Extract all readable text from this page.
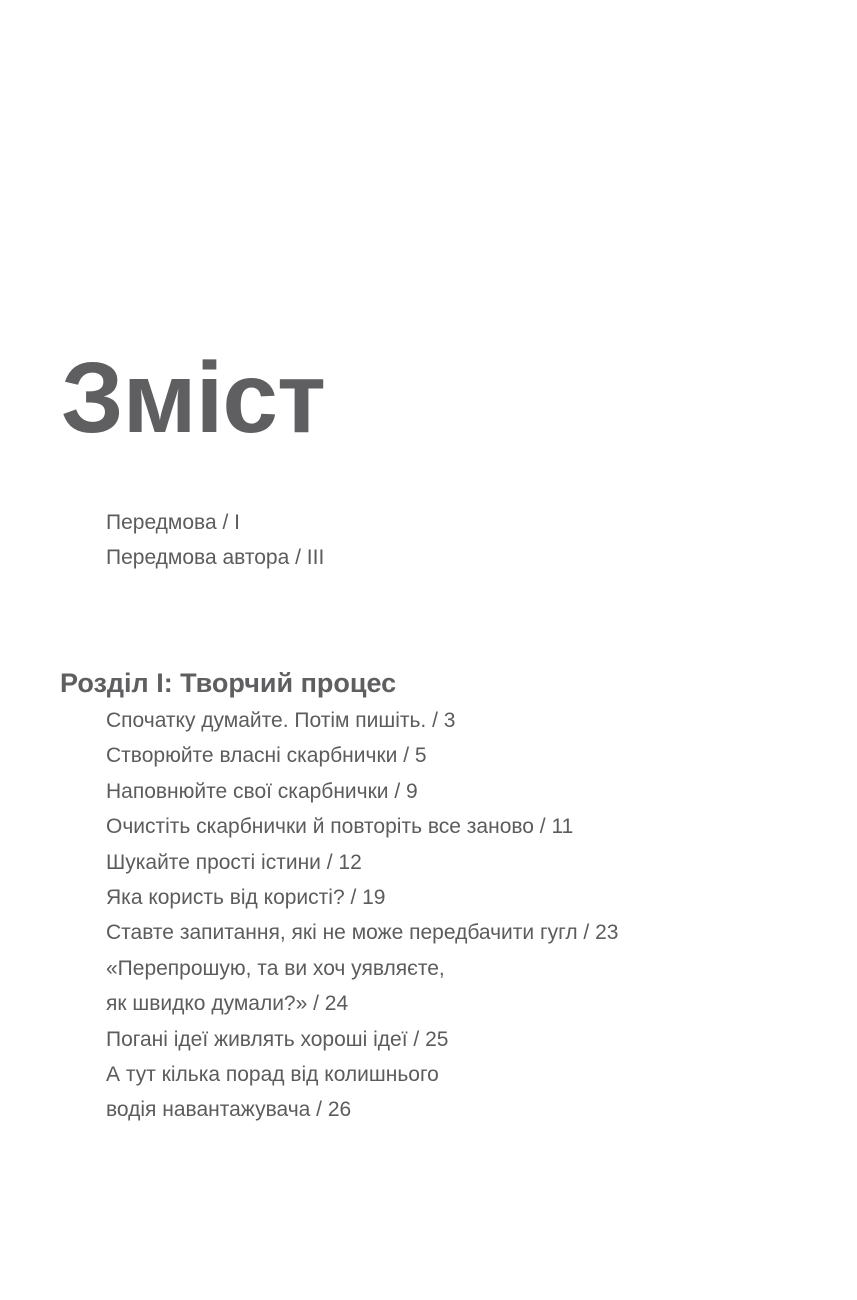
Зміст
Передмова / I
Передмова автора / III
Розділ I: Творчий процес
Спочатку думайте. Потім пишіть. / 3
Створюйте власні скарбнички / 5
Наповнюйте свої скарбнички / 9
Очистіть скарбнички й повторіть все заново / 11
Шукайте прості істини / 12
Яка користь від користі? / 19
Ставте запитання, які не може передбачити гугл / 23
«Перепрошую, та ви хоч уявляєте,
як швидко думали?» / 24
Погані ідеї живлять хороші ідеї / 25
А тут кілька порад від колишнього
водія навантажувача / 26
